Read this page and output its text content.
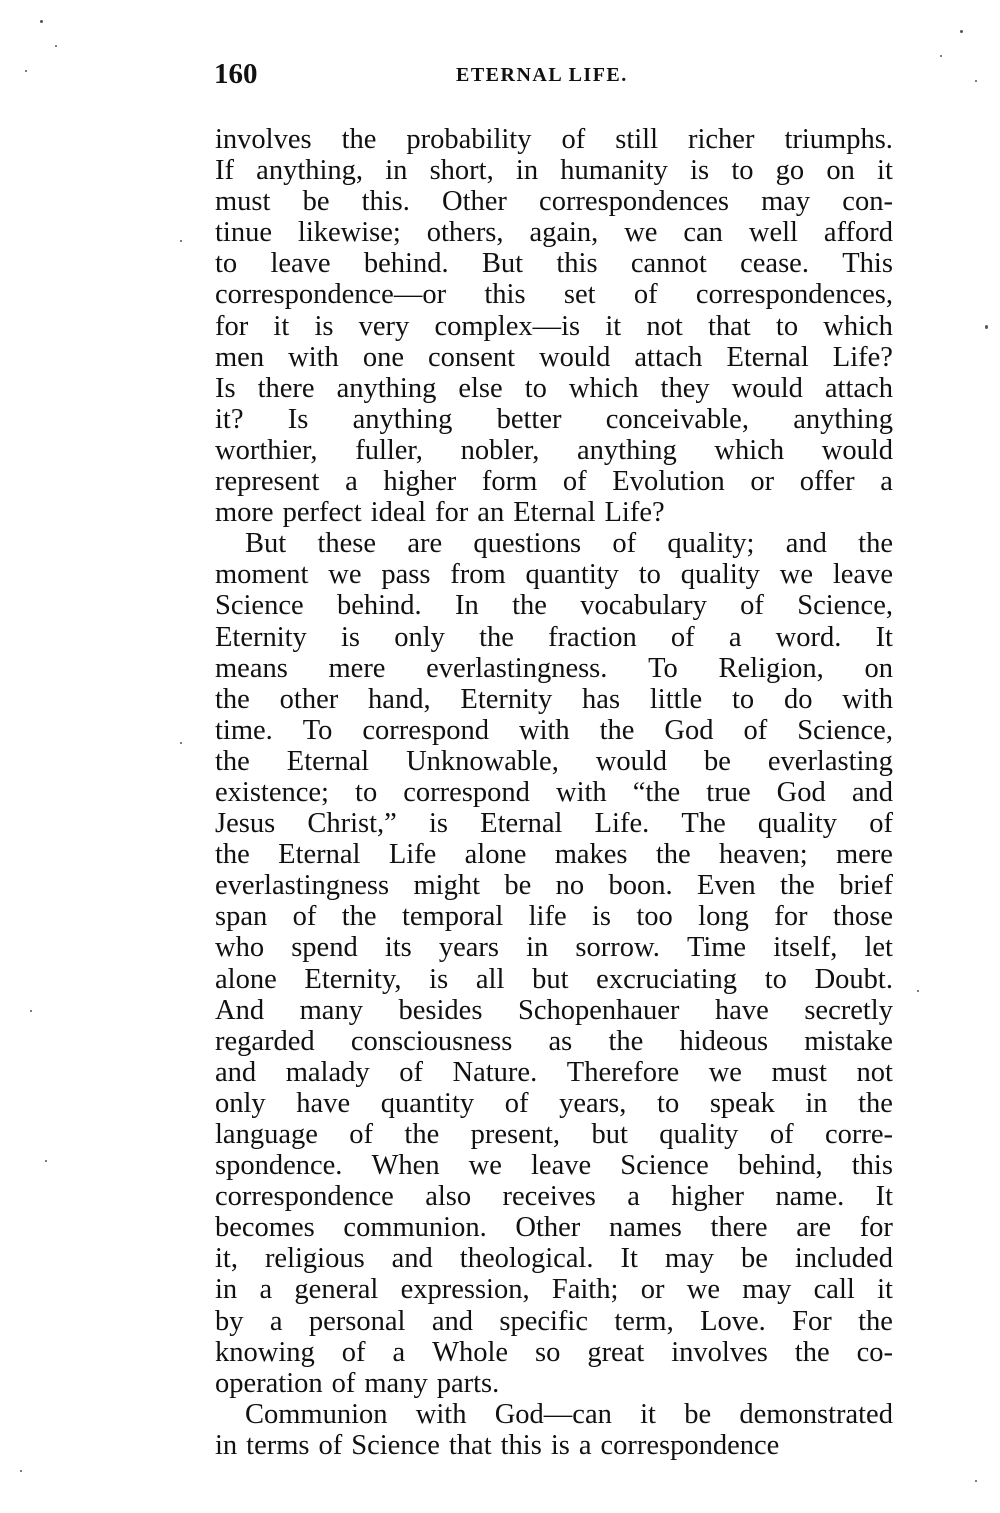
160	ETERNAL LIFE.
involves the probability of still richer triumphs.
If anything, in short, in humanity is to go on it
must be this. Other correspondences may con-
tinue likewise; others, again, we can well afford
to leave behind. But this cannot cease. This
correspondence—or this set of correspondences,
for it is very complex—is it not that to which
men with one consent would attach Eternal Life?
Is there anything else to which they would attach
it? Is anything better conceivable, anything
worthier, fuller, nobler, anything which would
represent a higher form of Evolution or offer a
more perfect ideal for an Eternal Life?
But these are questions of quality; and the
moment we pass from quantity to quality we leave
Science behind. In the vocabulary of Science,
Eternity is only the fraction of a word. It
means mere everlastingness. To Religion, on
the other hand, Eternity has little to do with
time. To correspond with the God of Science,
the Eternal Unknowable, would be everlasting
existence; to correspond with “the true God and
Jesus Christ,” is Eternal Life. The quality of
the Eternal Life alone makes the heaven; mere
everlastingness might be no boon. Even the brief
span of the temporal life is too long for those
who spend its years in sorrow. Time itself, let
alone Eternity, is all but excruciating to Doubt.
And many besides Schopenhauer have secretly
regarded consciousness as the hideous mistake
and malady of Nature. Therefore we must not
only have quantity of years, to speak in the
language of the present, but quality of corre-
spondence. When we leave Science behind, this
correspondence also receives a higher name. It
becomes communion. Other names there are for
it, religious and theological. It may be included
in a general expression, Faith; or we may call it
by a personal and specific term, Love. For the
knowing of a Whole so great involves the co-
operation of many parts.
Communion with God—can it be demonstrated
in terms of Science that this is a correspondence
